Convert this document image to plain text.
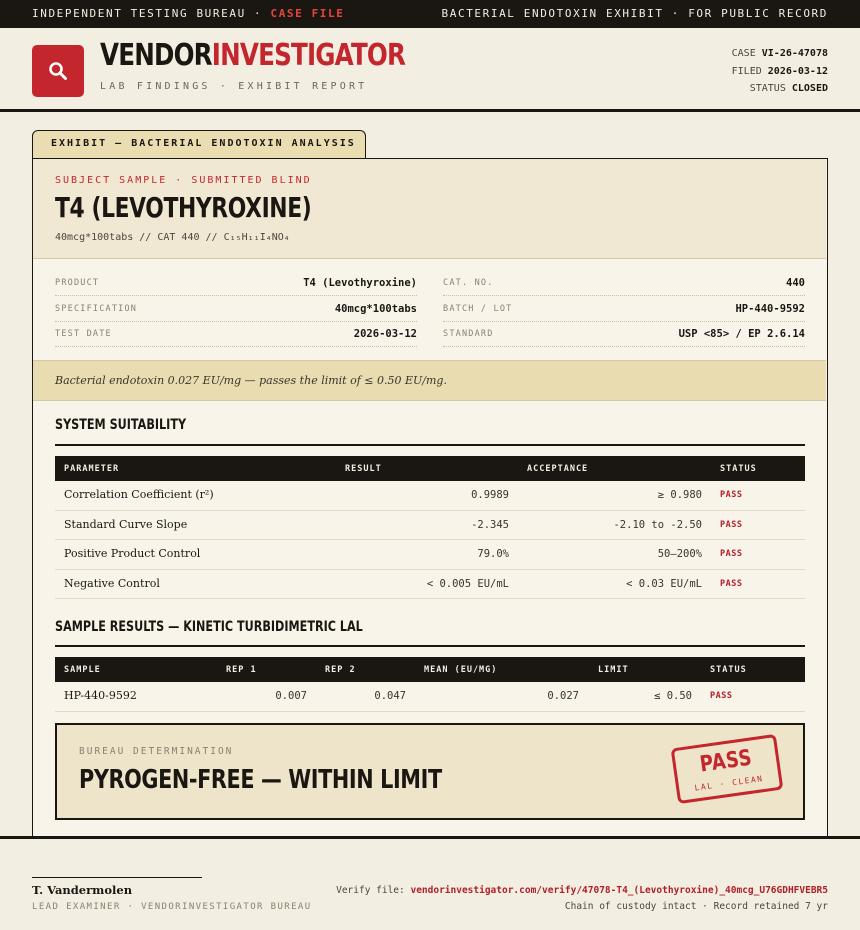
INDEPENDENT TESTING BUREAU · CASE FILE	BACTERIAL ENDOTOXIN EXHIBIT · FOR PUBLIC RECORD
VENDORINVESTIGATOR
LAB FINDINGS · EXHIBIT REPORT
CASE VI-26-47078
FILED 2026-03-12
STATUS CLOSED
EXHIBIT — BACTERIAL ENDOTOXIN ANALYSIS
SUBJECT SAMPLE · SUBMITTED BLIND
T4 (LEVOTHYROXINE)
40mcg*100tabs // CAT 440 // C₁₅H₁₁I₄NO₄
PRODUCT	T4 (Levothyroxine)
SPECIFICATION	40mcg*100tabs
TEST DATE	2026-03-12
CAT. NO.	440
BATCH / LOT	HP-440-9592
STANDARD	USP <85> / EP 2.6.14
Bacterial endotoxin 0.027 EU/mg — passes the limit of ≤ 0.50 EU/mg.
SYSTEM SUITABILITY
PARAMETER	RESULT	ACCEPTANCE	STATUS
Correlation Coefficient (r²)	0.9989	≥ 0.980 PASS
Standard Curve Slope	-2.345	-2.10 to -2.50 PASS
Positive Product Control	79.0%	50–200% PASS
Negative Control	< 0.005 EU/mL	< 0.03 EU/mL PASS
SAMPLE RESULTS — KINETIC TURBIDIMETRIC LAL
SAMPLE	REP 1	REP 2	MEAN (EU/MG)	LIMIT	STATUS
HP-440-9592	0.007	0.047	0.027	≤ 0.50 PASS
BUREAU DETERMINATION
PYROGEN-FREE — WITHIN LIMIT
PASS
LAL · CLEAN
T. Vandermolen
LEAD EXAMINER · VENDORINVESTIGATOR BUREAU
Verify file: vendorinvestigator.com/verify/47078-T4_(Levothyroxine)_40mcg_U76GDHFVEBR5
Chain of custody intact · Record retained 7 yr
